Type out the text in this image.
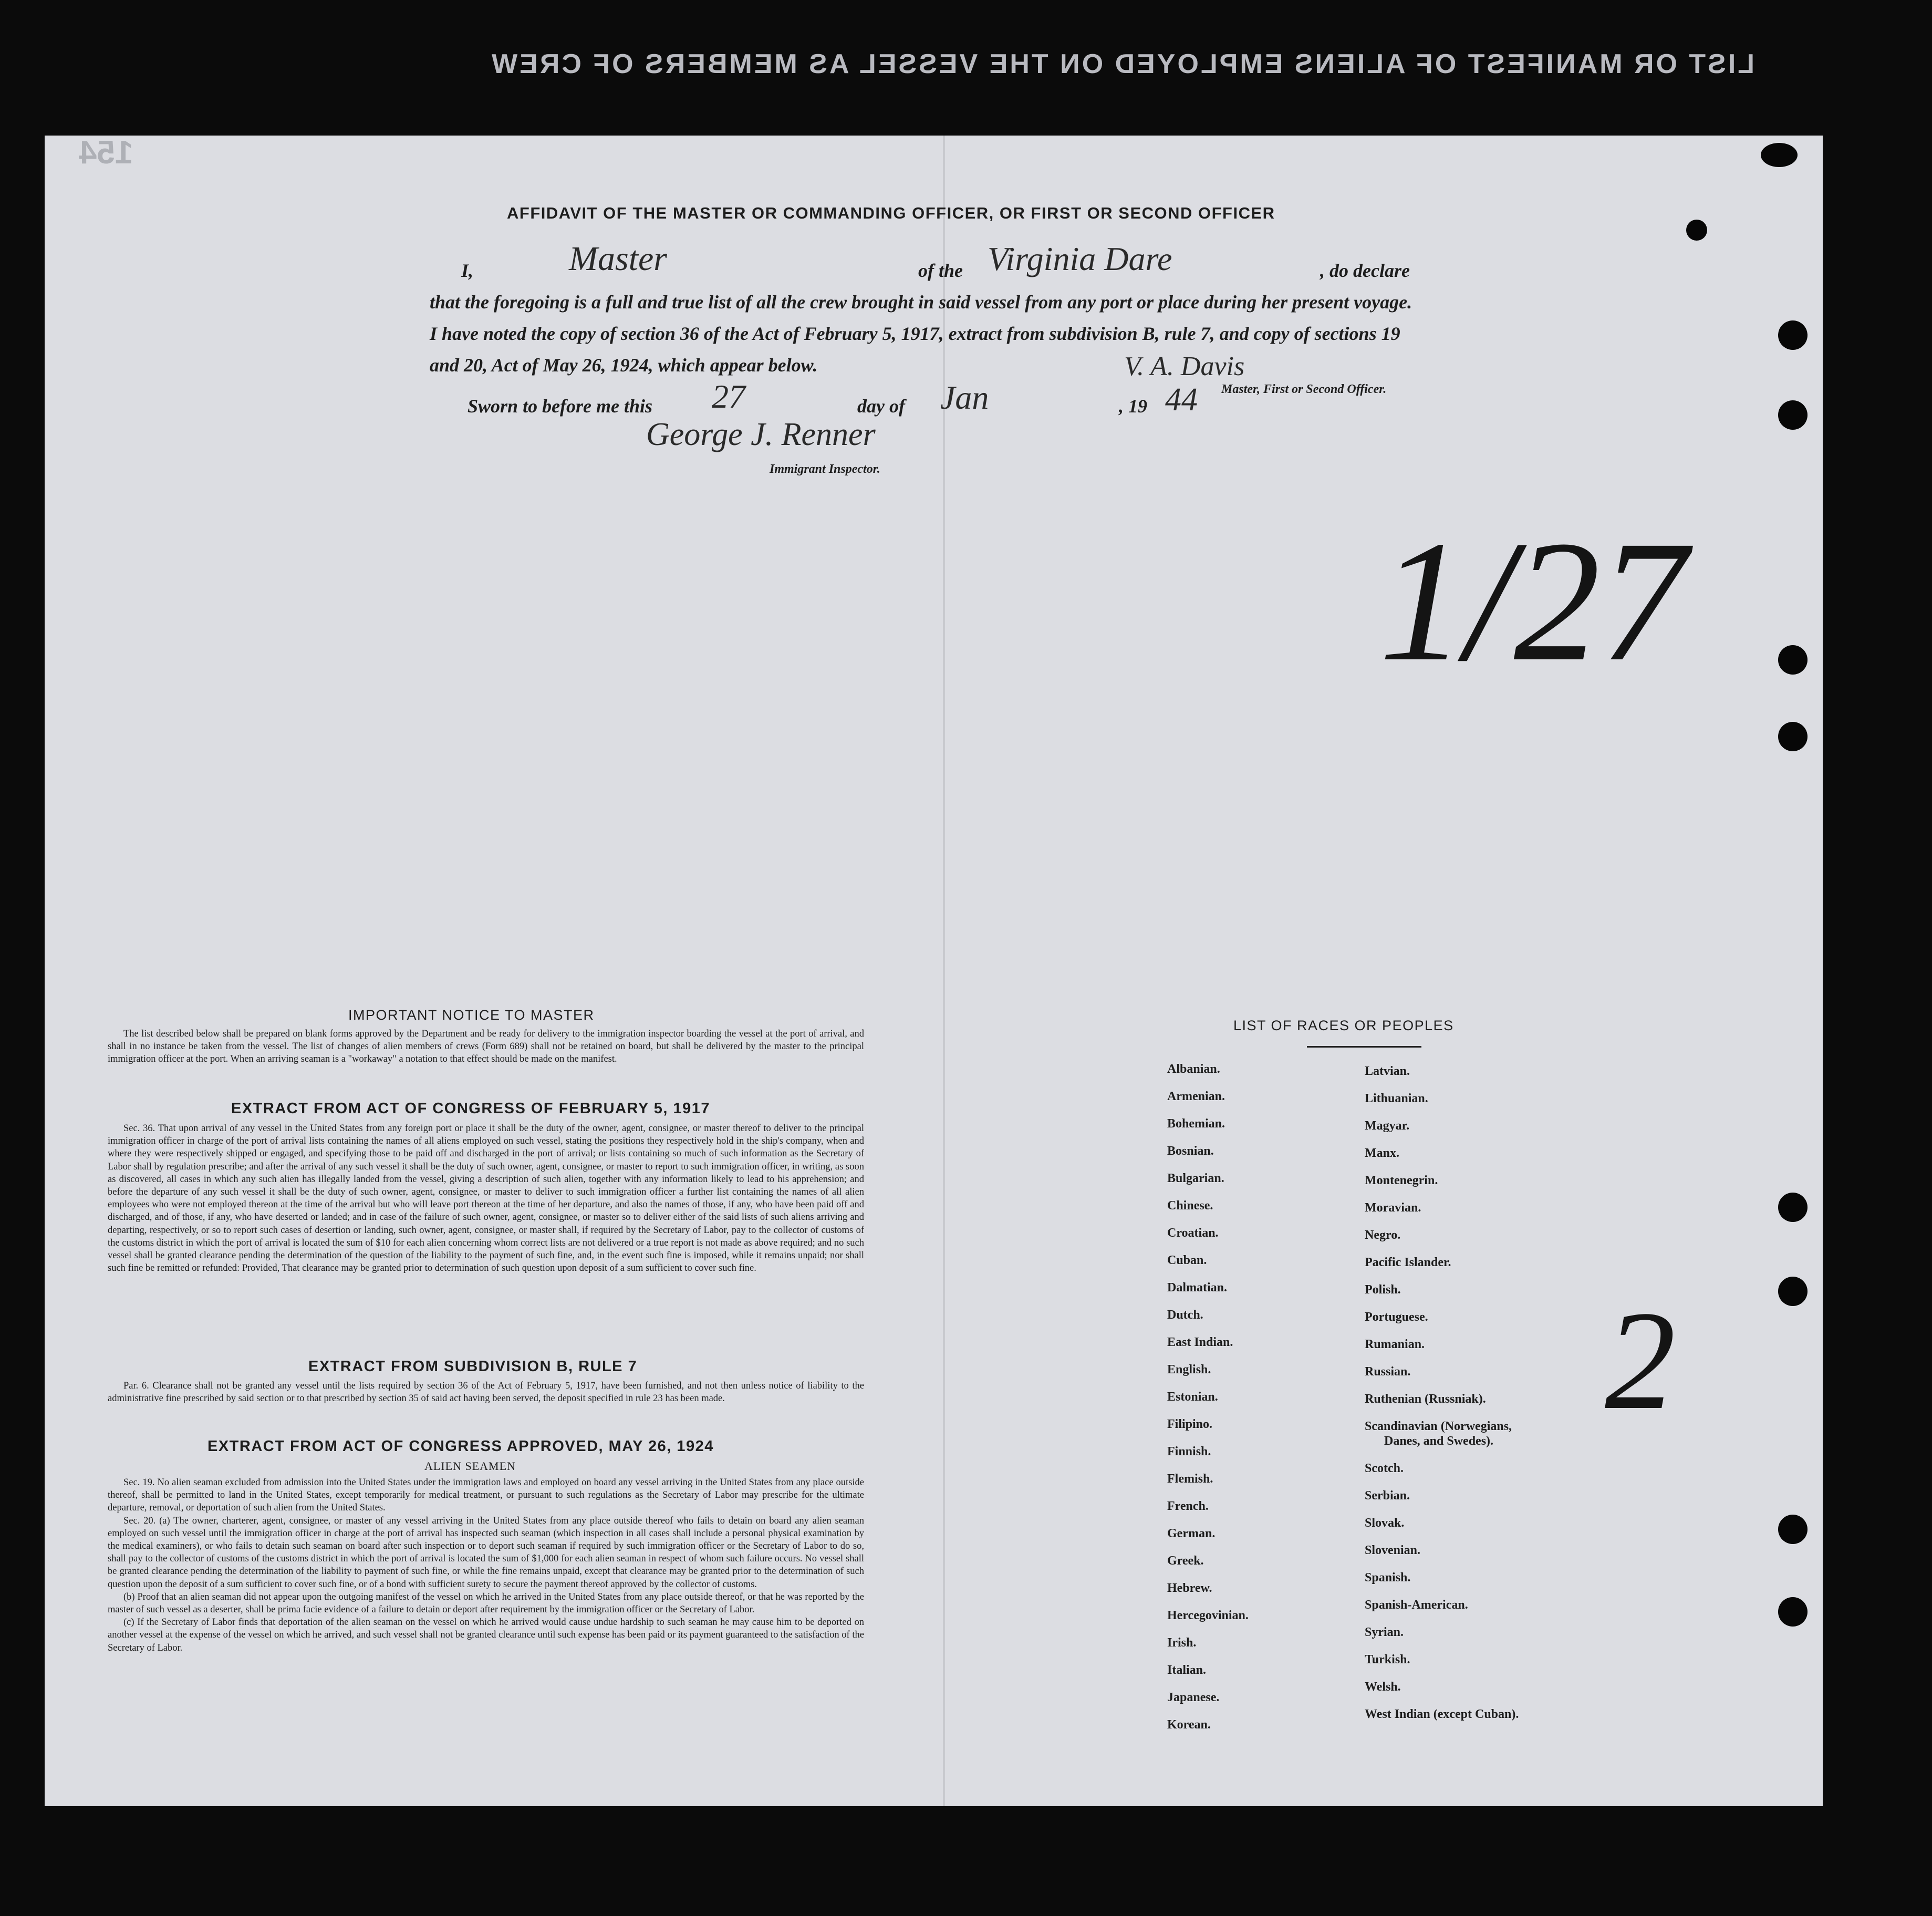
LIST OR MANIFEST OF ALIENS EMPLOYED ON THE VESSEL AS MEMBERS OF CREW
154
AFFIDAVIT OF THE MASTER OR COMMANDING OFFICER, OR FIRST OR SECOND OFFICER
I,	Master	of the Virginia Dare	, do declare
that the foregoing is a full and true list of all the crew brought in said vessel from any port or place during her present voyage.
I have noted the copy of section 36 of the Act of February 5, 1917, extract from subdivision B, rule 7, and copy of sections 19
and 20, Act of May 26, 1924, which appear below.	V. A. Davis
Master, First or Second Officer.
Sworn to before me this 27	day of Jan	, 19 44
George J. Renner
Immigrant Inspector.
1/27
2
IMPORTANT NOTICE TO MASTER

The list described below shall be prepared on blank forms approved by the Department and be ready for delivery to the immigration inspector boarding the vessel at the port of arrival, and shall in no instance be taken from the vessel. The list of changes of alien members of crews (Form 689) shall not be retained on board, but shall be delivered by the master to the principal immigration officer at the port. When an arriving seaman is a "workaway" a notation to that effect should be made on the manifest.

EXTRACT FROM ACT OF CONGRESS OF FEBRUARY 5, 1917

Sec. 36. That upon arrival of any vessel in the United States from any foreign port or place it shall be the duty of the owner, agent, consignee, or master thereof to deliver to the principal immigration officer in charge of the port of arrival lists containing the names of all aliens employed on such vessel, stating the positions they respectively hold in the ship's company, when and where they were respectively shipped or engaged, and specifying those to be paid off and discharged in the port of arrival; or lists containing so much of such information as the Secretary of Labor shall by regulation prescribe; and after the arrival of any such vessel it shall be the duty of such owner, agent, consignee, or master to report to such immigration officer, in writing, as soon as discovered, all cases in which any such alien has illegally landed from the vessel, giving a description of such alien, together with any information likely to lead to his apprehension; and before the departure of any such vessel it shall be the duty of such owner, agent, consignee, or master to deliver to such immigration officer a further list containing the names of all alien employees who were not employed thereon at the time of the arrival but who will leave port thereon at the time of her departure, and also the names of those, if any, who have been paid off and discharged, and of those, if any, who have deserted or landed; and in case of the failure of such owner, agent, consignee, or master so to deliver either of the said lists of such aliens arriving and departing, respectively, or so to report such cases of desertion or landing, such owner, agent, consignee, or master shall, if required by the Secretary of Labor, pay to the collector of customs of the customs district in which the port of arrival is located the sum of $10 for each alien concerning whom correct lists are not delivered or a true report is not made as above required; and no such vessel shall be granted clearance pending the determination of the question of the liability to the payment of such fine, and, in the event such fine is imposed, while it remains unpaid; nor shall such fine be remitted or refunded: Provided, That clearance may be granted prior to determination of such question upon deposit of a sum sufficient to cover such fine.

EXTRACT FROM SUBDIVISION B, RULE 7

Par. 6. Clearance shall not be granted any vessel until the lists required by section 36 of the Act of February 5, 1917, have been furnished, and not then unless notice of liability to the administrative fine prescribed by said section or to that prescribed by section 35 of said act having been served, the deposit specified in rule 23 has been made.

EXTRACT FROM ACT OF CONGRESS APPROVED, MAY 26, 1924
ALIEN SEAMEN

Sec. 19. No alien seaman excluded from admission into the United States under the immigration laws and employed on board any vessel arriving in the United States from any place outside thereof, shall be permitted to land in the United States, except temporarily for medical treatment, or pursuant to such regulations as the Secretary of Labor may prescribe for the ultimate departure, removal, or deportation of such alien from the United States.

Sec. 20. (a) The owner, charterer, agent, consignee, or master of any vessel arriving in the United States from any place outside thereof who fails to detain on board any alien seaman employed on such vessel until the immigration officer in charge at the port of arrival has inspected such seaman (which inspection in all cases shall include a personal physical examination by the medical examiners), or who fails to detain such seaman on board after such inspection or to deport such seaman if required by such immigration officer or the Secretary of Labor to do so, shall pay to the collector of customs of the customs district in which the port of arrival is located the sum of $1,000 for each alien seaman in respect of whom such failure occurs. No vessel shall be granted clearance pending the determination of the liability to payment of such fine, or while the fine remains unpaid, except that clearance may be granted prior to the determination of such question upon the deposit of a sum sufficient to cover such fine, or of a bond with sufficient surety to secure the payment thereof approved by the collector of customs.

(b) Proof that an alien seaman did not appear upon the outgoing manifest of the vessel on which he arrived in the United States from any place outside thereof, or that he was reported by the master of such vessel as a deserter, shall be prima facie evidence of a failure to detain or deport after requirement by the immigration officer or the Secretary of Labor.

(c) If the Secretary of Labor finds that deportation of the alien seaman on the vessel on which he arrived would cause undue hardship to such seaman he may cause him to be deported on another vessel at the expense of the vessel on which he arrived, and such vessel shall not be granted clearance until such expense has been paid or its payment guaranteed to the satisfaction of the Secretary of Labor.

LIST OF RACES OR PEOPLES
Albanian.
Armenian.
Bohemian.
Bosnian.
Bulgarian.
Chinese.
Croatian.
Cuban.
Dalmatian.
Dutch.
East Indian.
English.
Estonian.
Filipino.
Finnish.
Flemish.
French.
German.
Greek.
Hebrew.
Hercegovinian.
Irish.
Italian.
Japanese.
Korean.
Latvian.
Lithuanian.
Magyar.
Manx.
Montenegrin.
Moravian.
Negro.
Pacific Islander.
Polish.
Portuguese.
Rumanian.
Russian.
Ruthenian (Russniak).
Scandinavian (Norwegians,
Danes, and Swedes).
Scotch.
Serbian.
Slovak.
Slovenian.
Spanish.
Spanish-American.
Syrian.
Turkish.
Welsh.
West Indian (except Cuban).
